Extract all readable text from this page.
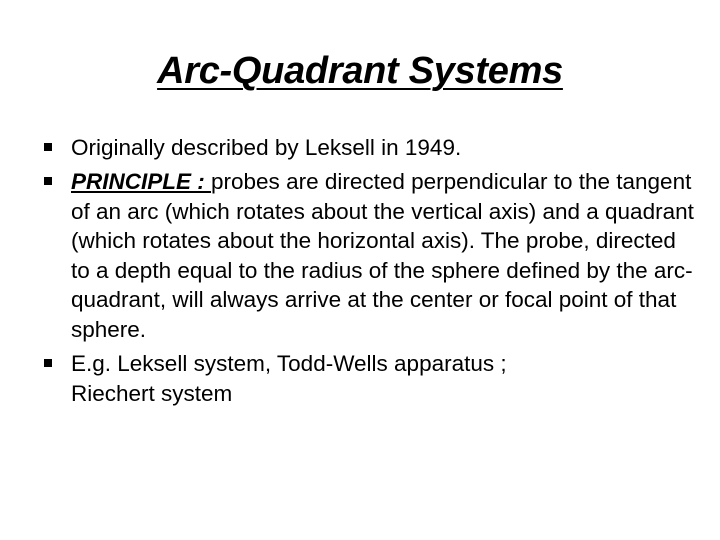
Arc-Quadrant Systems
Originally described by Leksell in 1949.
PRINCIPLE : probes are directed perpendicular to the tangent of an arc (which rotates about the vertical axis) and a quadrant (which rotates about the horizontal axis). The probe, directed to a depth equal to the radius of the sphere defined by the arc-quadrant, will always arrive at the center or focal point of that sphere.
E.g. Leksell system, Todd-Wells apparatus ;
Riechert system
